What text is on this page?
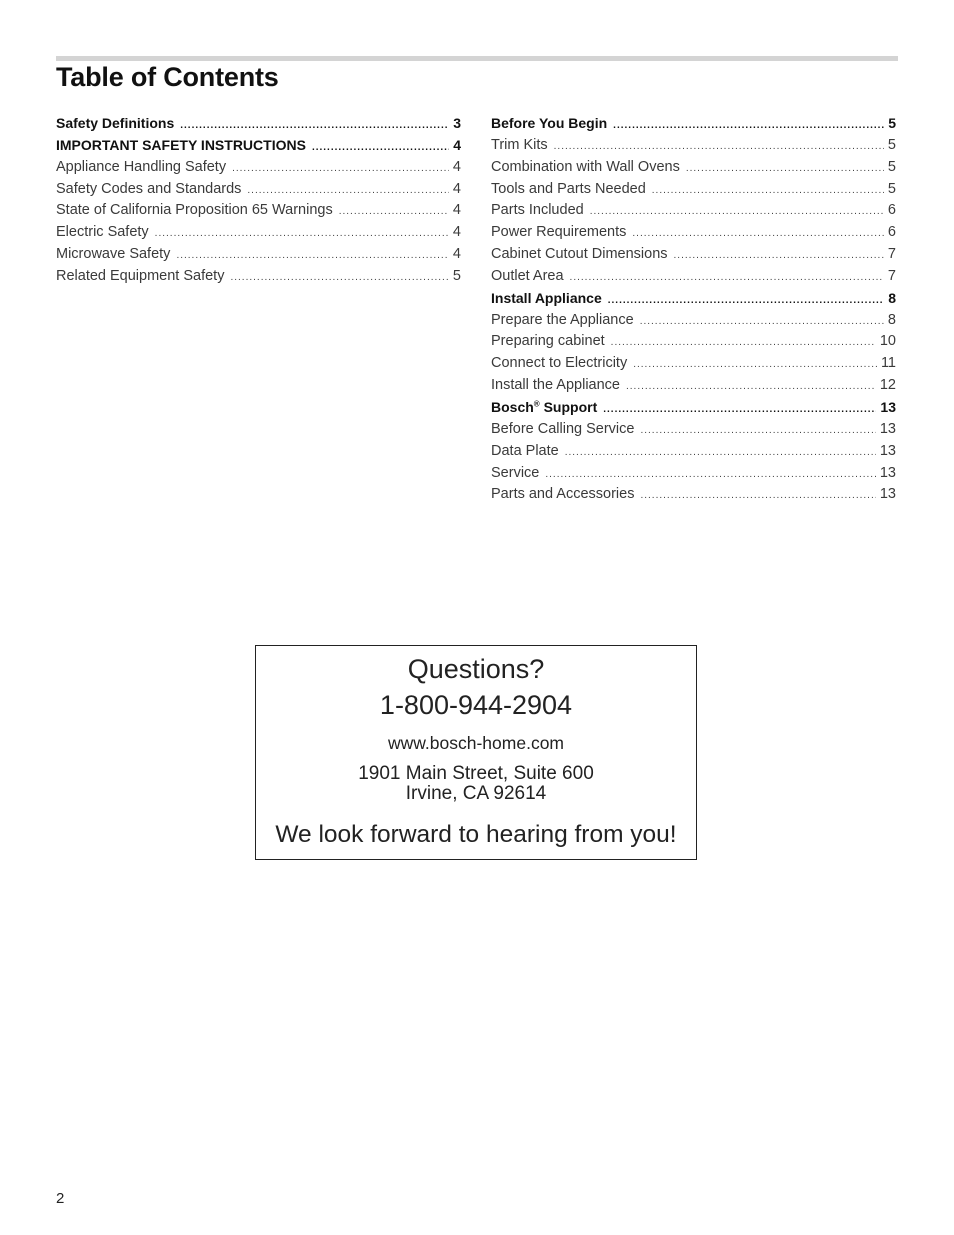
Table of Contents
Safety Definitions .....	3
IMPORTANT SAFETY INSTRUCTIONS .....	4
Appliance Handling Safety .....	4
Safety Codes and Standards .....	4
State of California Proposition 65 Warnings .....	4
Electric Safety .....	4
Microwave Safety .....	4
Related Equipment Safety .....	5
Before You Begin .....	5
Trim Kits .....	5
Combination with Wall Ovens .....	5
Tools and Parts Needed .....	5
Parts Included .....	6
Power Requirements .....	6
Cabinet Cutout Dimensions .....	7
Outlet Area .....	7
Install Appliance .....	8
Prepare the Appliance .....	8
Preparing cabinet .....	10
Connect to Electricity .....	11
Install the Appliance .....	12
Bosch® Support .....	13
Before Calling Service .....	13
Data Plate .....	13
Service .....	13
Parts and Accessories .....	13
Questions?
1-800-944-2904
www.bosch-home.com
1901 Main Street, Suite 600
Irvine, CA 92614
We look forward to hearing from you!
2
